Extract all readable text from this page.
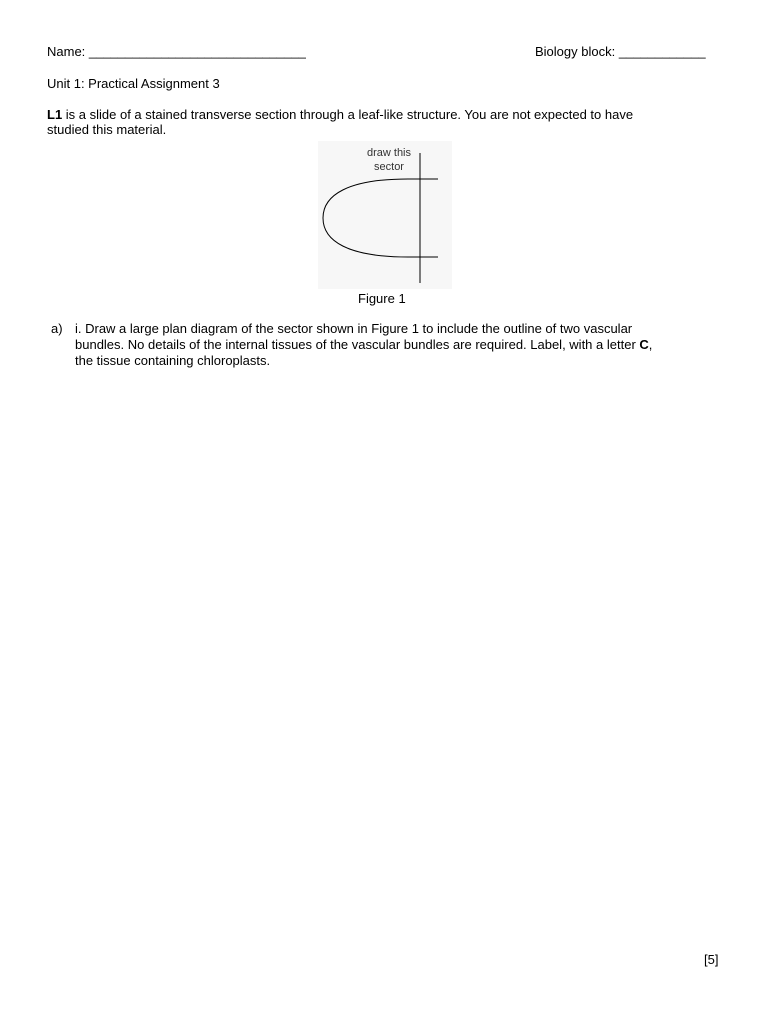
Name: ______________________________	Biology block: ____________
Unit 1: Practical Assignment 3
L1 is a slide of a stained transverse section through a leaf-like structure. You are not expected to have
studied this material.
draw this
sector
Figure 1
a) i. Draw a large plan diagram of the sector shown in Figure 1 to include the outline of two vascular
bundles. No details of the internal tissues of the vascular bundles are required. Label, with a letter C,
the tissue containing chloroplasts.
[5]
